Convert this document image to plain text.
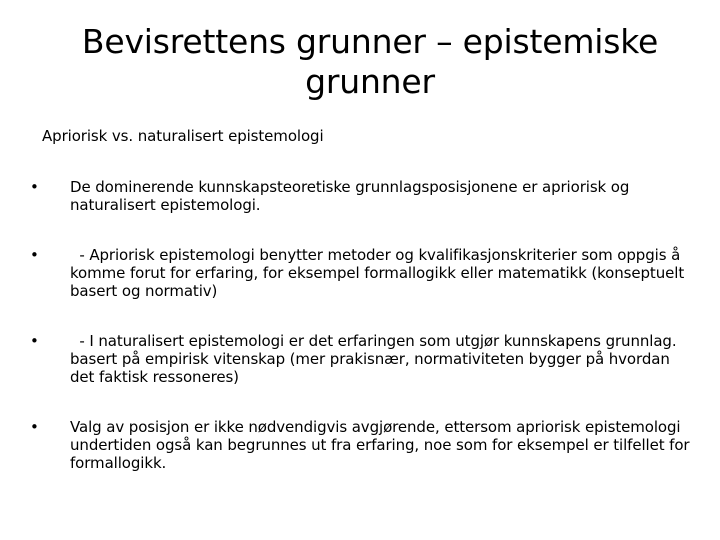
Bevisrettens grunner – epistemiske grunner

Apriorisk vs. naturalisert epistemologi

•	De dominerende kunnskapsteoretiske grunnlagsposisjonene er apriorisk og naturalisert epistemologi.
•	- Apriorisk epistemologi benytter metoder og kvalifikasjonskriterier som oppgis å komme forut for erfaring, for eksempel formallogikk eller matematikk (konseptuelt basert og normativ)
•	- I naturalisert epistemologi er det erfaringen som utgjør kunnskapens grunnlag. basert på empirisk vitenskap (mer prakisnær, normativiteten bygger på hvordan det faktisk ressoneres)
•	Valg av posisjon er ikke nødvendigvis avgjørende, ettersom apriorisk epistemologi undertiden også kan begrunnes ut fra erfaring, noe som for eksempel er tilfellet for formallogikk.
